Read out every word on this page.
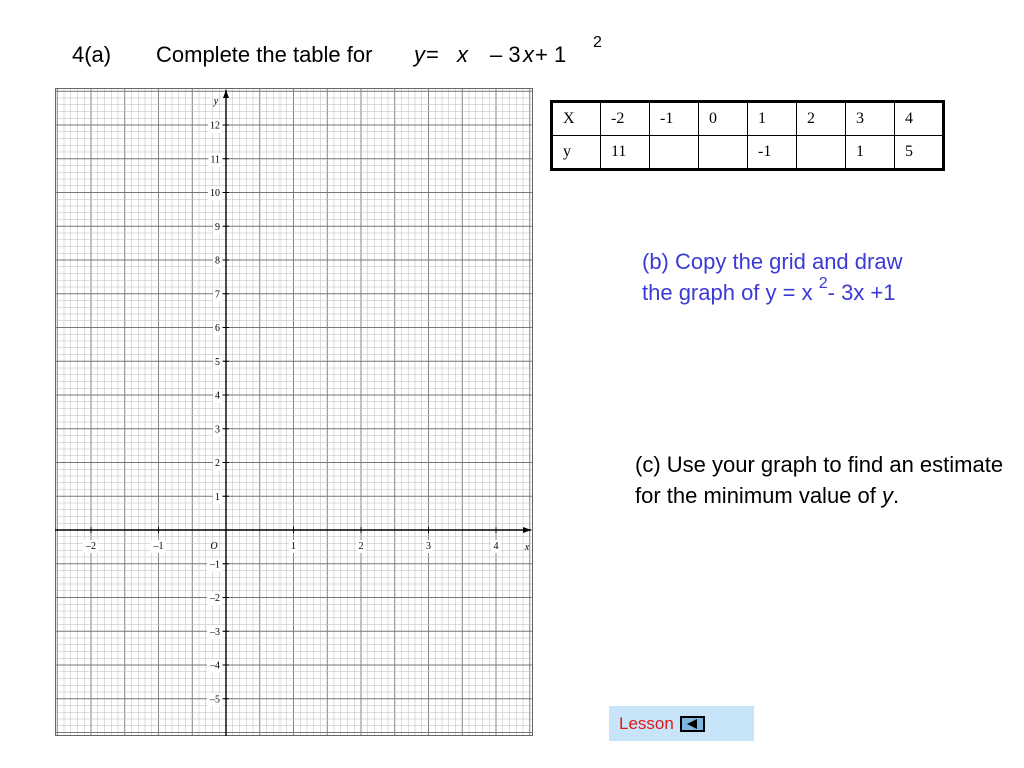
4(a) Complete the table for y = x – 3 x + 1 2
x
y
O
–2	–1	1	2	3	4
12
11
10
9
8
7
6
5
4
3
2
1
–1
–2
–3
–4
–5
X	-2	-1	0	1	2	3	4
y	11			-1		1	5
(b) Copy the grid and draw
the graph of y = x $^2$- 3x +1
(c) Use your graph to find an estimate for the minimum value of y.
Lesson
